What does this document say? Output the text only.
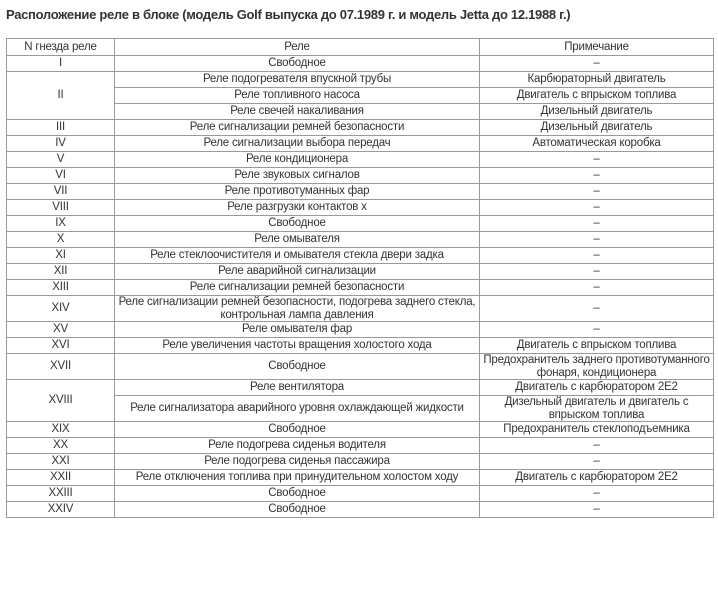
Расположение реле в блоке (модель Golf выпуска до 07.1989 г. и модель Jetta до 12.1988 г.)
N гнезда реле	Реле	Примечание
I	Свободное	–
II	Реле подогревателя впускной трубы	Карбюраторный двигатель
	Реле топливного насоса	Двигатель с впрыском топлива
	Реле свечей накаливания	Дизельный двигатель
III	Реле сигнализации ремней безопасности	Дизельный двигатель
IV	Реле сигнализации выбора передач	Автоматическая коробка
V	Реле кондиционера	–
VI	Реле звуковых сигналов	–
VII	Реле противотуманных фар	–
VIII	Реле разгрузки контактов х	–
IX	Свободное	–
X	Реле омывателя	–
XI	Реле стеклоочистителя и омывателя стекла двери задка	–
XII	Реле аварийной сигнализации	–
XIII	Реле сигнализации ремней безопасности	–
XIV	Реле сигнализации ремней безопасности, подогрева заднего стекла, контрольная лампа давления	–
XV	Реле омывателя фар	–
XVI	Реле увеличения частоты вращения холостого хода	Двигатель с впрыском топлива
XVII	Свободное	Предохранитель заднего противотуманного фонаря, кондиционера
XVIII	Реле вентилятора	Двигатель с карбюратором 2E2
	Реле сигнализатора аварийного уровня охлаждающей жидкости	Дизельный двигатель и двигатель с впрыском топлива
XIX	Свободное	Предохранитель стеклоподъемника
XX	Реле подогрева сиденья водителя	–
XXI	Реле подогрева сиденья пассажира	–
XXII	Реле отключения топлива при принудительном холостом ходу	Двигатель с карбюратором 2E2
XXIII	Свободное	–
XXIV	Свободное	–
